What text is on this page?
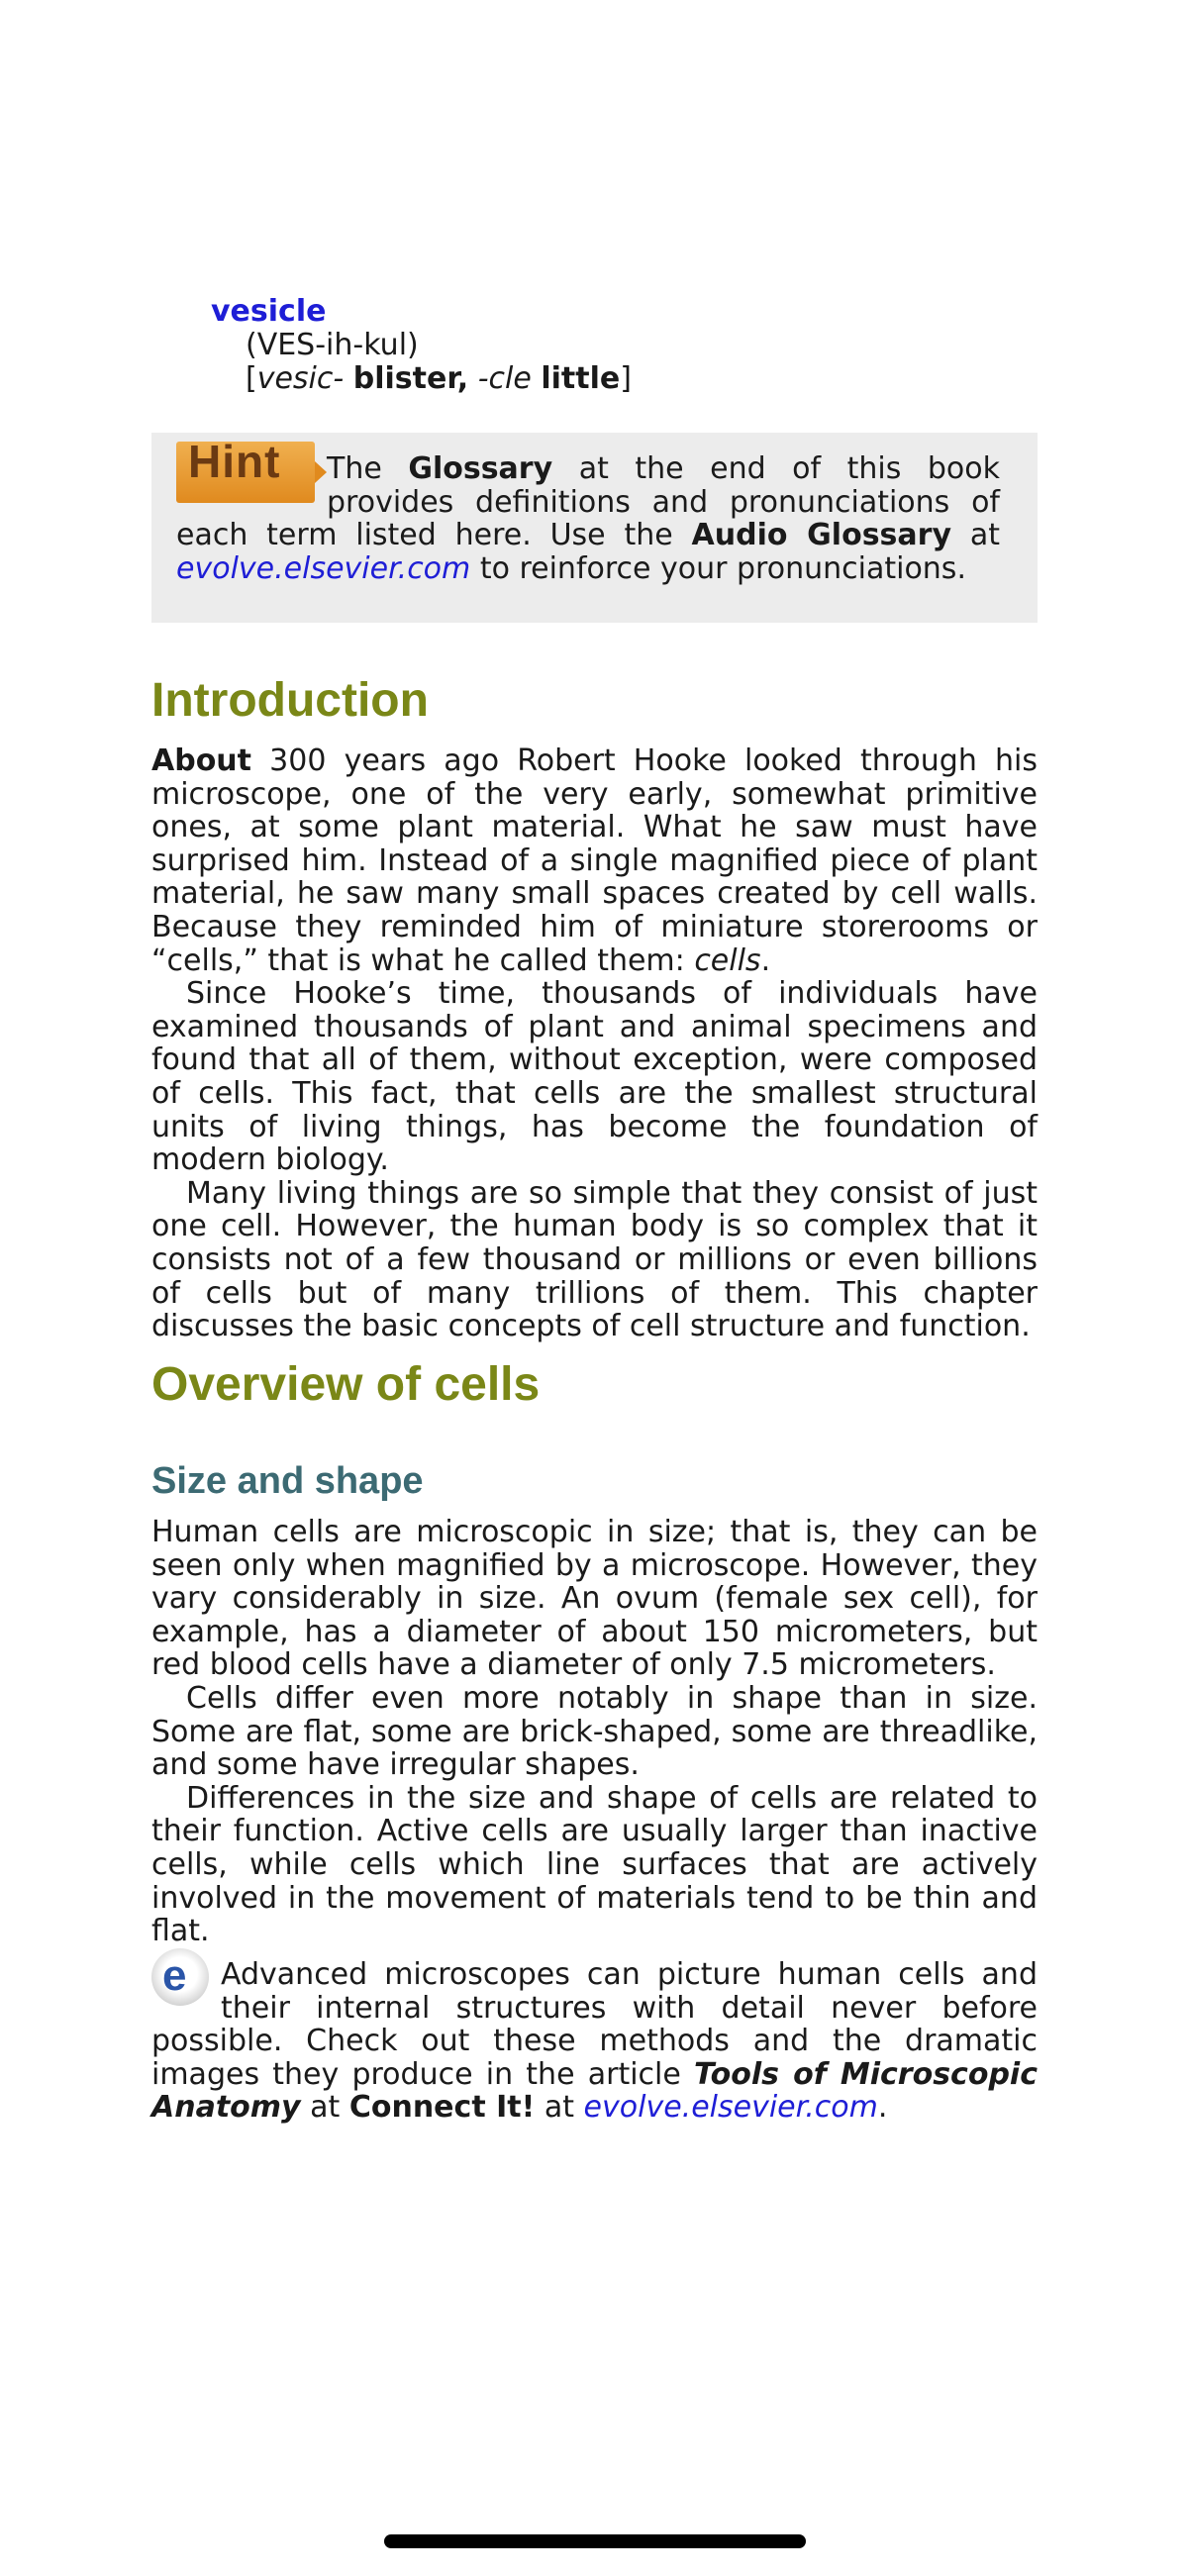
vesicle
(VES-ih-kul)
[vesic- blister, -cle little]
Hint	The Glossary at the end of this book provides definitions and pronunciations of each term listed here. Use the Audio Glossary at evolve.elsevier.com to reinforce your pronunciations.

Introduction

About 300 years ago Robert Hooke looked through his microscope, one of the very early, somewhat primitive ones, at some plant material. What he saw must have surprised him. Instead of a single magnified piece of plant material, he saw many small spaces created by cell walls. Because they reminded him of miniature storerooms or “cells,” that is what he called them: cells.

Since Hooke’s time, thousands of individuals have examined thousands of plant and animal specimens and found that all of them, without exception, were composed of cells. This fact, that cells are the smallest structural units of living things, has become the foundation of modern biology.

Many living things are so simple that they consist of just one cell. However, the human body is so complex that it consists not of a few thousand or millions or even billions of cells but of many trillions of them. This chapter discusses the basic concepts of cell structure and function.

Overview of cells
Size and shape

Human cells are microscopic in size; that is, they can be seen only when magnified by a microscope. However, they vary considerably in size. An ovum (female sex cell), for example, has a diameter of about 150 micrometers, but red blood cells have a diameter of only 7.5 micrometers.

Cells differ even more notably in shape than in size. Some are flat, some are brick-shaped, some are threadlike, and some have irregular shapes.

Differences in the size and shape of cells are related to their function. Active cells are usually larger than inactive cells, while cells which line surfaces that are actively involved in the movement of materials tend to be thin and flat.

e	Advanced microscopes can picture human cells and their internal structures with detail never before possible. Check out these methods and the dramatic images they produce in the article Tools of Microscopic Anatomy at Connect It! at evolve.elsevier.com.
